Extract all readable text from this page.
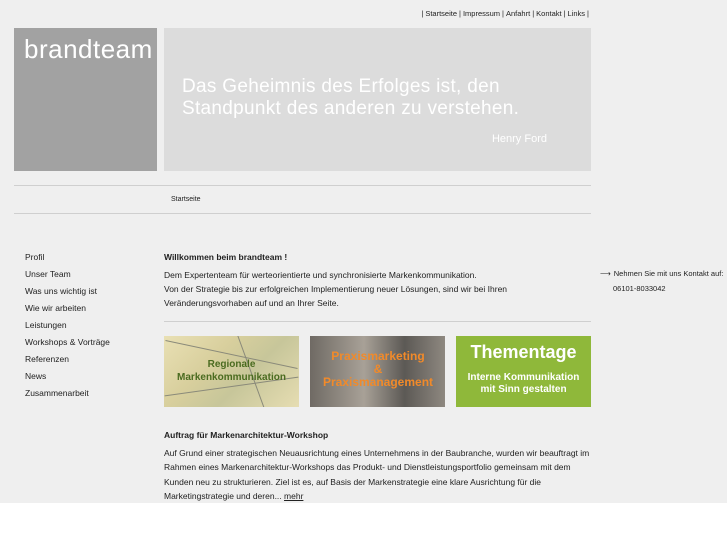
| Startseite | Impressum | Anfahrt | Kontakt | Links |
brandteam
Das Geheimnis des Erfolges ist, den
Standpunkt des anderen zu verstehen.
Henry Ford
Startseite
Profil
Unser Team
Was uns wichtig ist
Wie wir arbeiten
Leistungen
Workshops & Vorträge
Referenzen
News
Zusammenarbeit
Willkommen beim brandteam !
Dem Expertenteam für werteorientierte und synchronisierte Markenkommunikation.
Von der Strategie bis zur erfolgreichen Implementierung neuer Lösungen, sind wir bei Ihren Veränderungsvorhaben auf und an Ihrer Seite.
Regionale
Markenkommunikation
Praxismarketing
&
Praxismanagement
Thementage
Interne Kommunikation
mit Sinn gestalten
Auftrag für Markenarchitektur-Workshop
Auf Grund einer strategischen Neuausrichtung eines Unternehmens in der Baubranche, wurden wir beauftragt im Rahmen eines Markenarchitektur-Workshops das Produkt- und Dienstleistungsportfolio gemeinsam mit dem Kunden neu zu strukturieren. Ziel ist es, auf Basis der Markenstrategie eine klare Ausrichtung für die Marketingstrategie und deren... mehr
⟶ Nehmen Sie mit uns Kontakt auf:
06101-8033042
